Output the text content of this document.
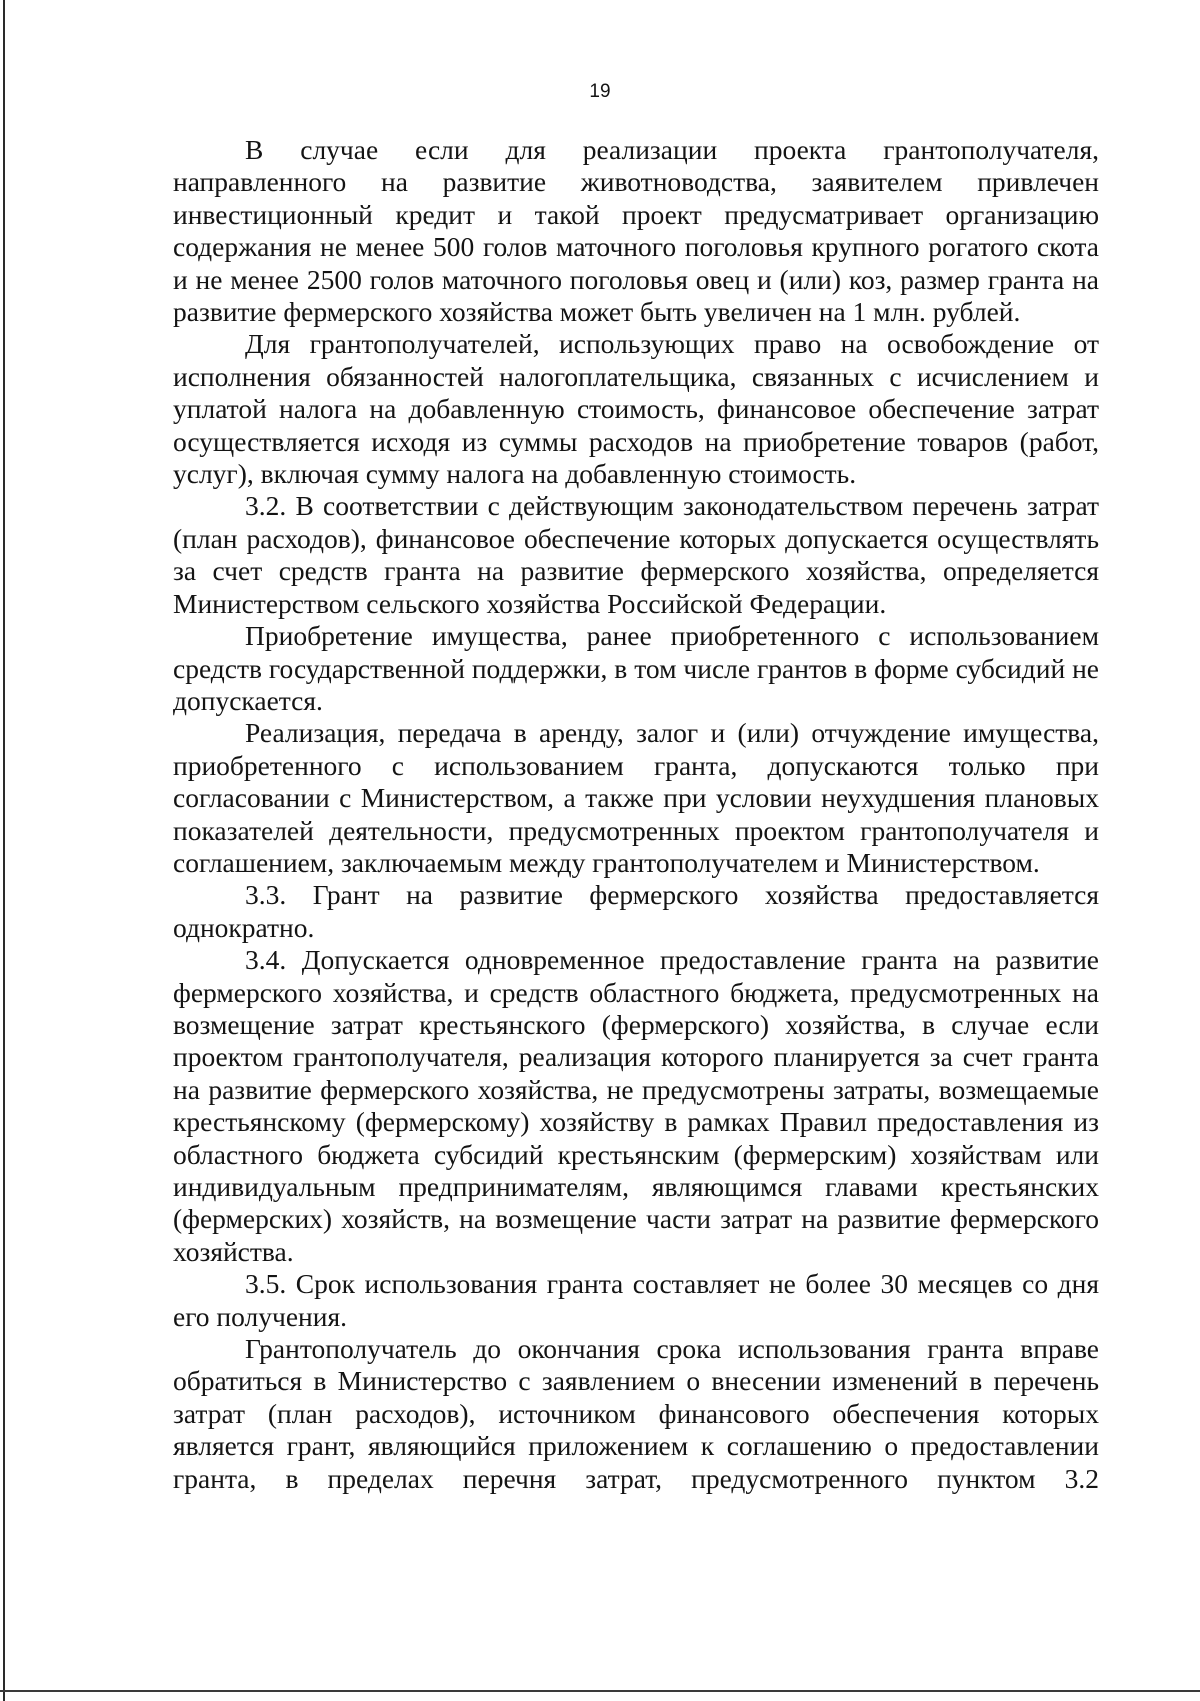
19

В случае если для реализации проекта грантополучателя, направленного на развитие животноводства, заявителем привлечен инвестиционный кредит и такой проект предусматривает организацию содержания не менее 500 голов маточного поголовья крупного рогатого скота и не менее 2500 голов маточного поголовья овец и (или) коз, размер гранта на развитие фермерского хозяйства может быть увеличен на 1 млн. рублей.

Для грантополучателей, использующих право на освобождение от исполнения обязанностей налогоплательщика, связанных с исчислением и уплатой налога на добавленную стоимость, финансовое обеспечение затрат осуществляется исходя из суммы расходов на приобретение товаров (работ, услуг), включая сумму налога на добавленную стоимость.

3.2. В соответствии с действующим законодательством перечень затрат (план расходов), финансовое обеспечение которых допускается осуществлять за счет средств гранта на развитие фермерского хозяйства, определяется Министерством сельского хозяйства Российской Федерации.

Приобретение имущества, ранее приобретенного с использованием средств государственной поддержки, в том числе грантов в форме субсидий не допускается.

Реализация, передача в аренду, залог и (или) отчуждение имущества, приобретенного с использованием гранта, допускаются только при согласовании с Министерством, а также при условии неухудшения плановых показателей деятельности, предусмотренных проектом грантополучателя и соглашением, заключаемым между грантополучателем и Министерством.

3.3. Грант на развитие фермерского хозяйства предоставляется однократно.

3.4. Допускается одновременное предоставление гранта на развитие фермерского хозяйства, и средств областного бюджета, предусмотренных на возмещение затрат крестьянского (фермерского) хозяйства, в случае если проектом грантополучателя, реализация которого планируется за счет гранта на развитие фермерского хозяйства, не предусмотрены затраты, возмещаемые крестьянскому (фермерскому) хозяйству в рамках Правил предоставления из областного бюджета субсидий крестьянским (фермерским) хозяйствам или индивидуальным предпринимателям, являющимся главами крестьянских (фермерских) хозяйств, на возмещение части затрат на развитие фермерского хозяйства.

3.5. Срок использования гранта составляет не более 30 месяцев со дня его получения.

Грантополучатель до окончания срока использования гранта вправе обратиться в Министерство с заявлением о внесении изменений в перечень затрат (план расходов), источником финансового обеспечения которых является грант, являющийся приложением к соглашению о предоставлении гранта, в пределах перечня затрат, предусмотренного пунктом 3.2
